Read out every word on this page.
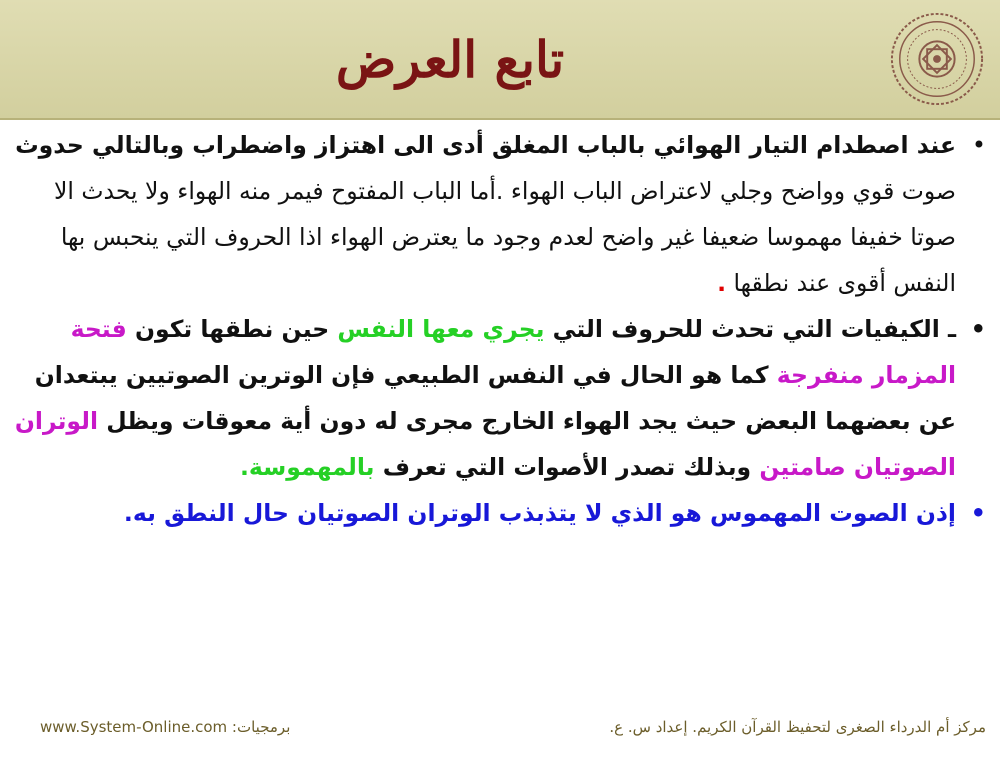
تابع العرض
•
عند اصطدام التيار الهوائي بالباب المغلق أدى الى اهتزاز واضطراب وبالتالي حدوث صوت قوي وواضح وجلي لاعتراض الباب الهواء .أما الباب المفتوح فيمر منه الهواء ولا يحدث الا صوتا خفيفا مهموسا ضعيفا غير واضح لعدم وجود ما يعترض الهواء اذا الحروف التي ينحبس بها النفس أقوى عند نطقها .
•
ـ الكيفيات التي تحدث للحروف التي يجري معها النفس حين نطقها تكون فتحة المزمار منفرجة كما هو الحال في النفس الطبيعي فإن الوترين الصوتيين يبتعدان عن بعضهما البعض حيث يجد الهواء الخارج مجرى له دون أية معوقات ويظل الوتران الصوتيان صامتين وبذلك تصدر الأصوات التي تعرف بالمهموسة.
•
إذن الصوت المهموس هو الذي لا يتذبذب الوتران الصوتيان حال النطق به.
برمجيات: www.System-Online.com	مركز أم الدرداء الصغرى لتحفيظ القرآن الكريم. إعداد س. ع.
